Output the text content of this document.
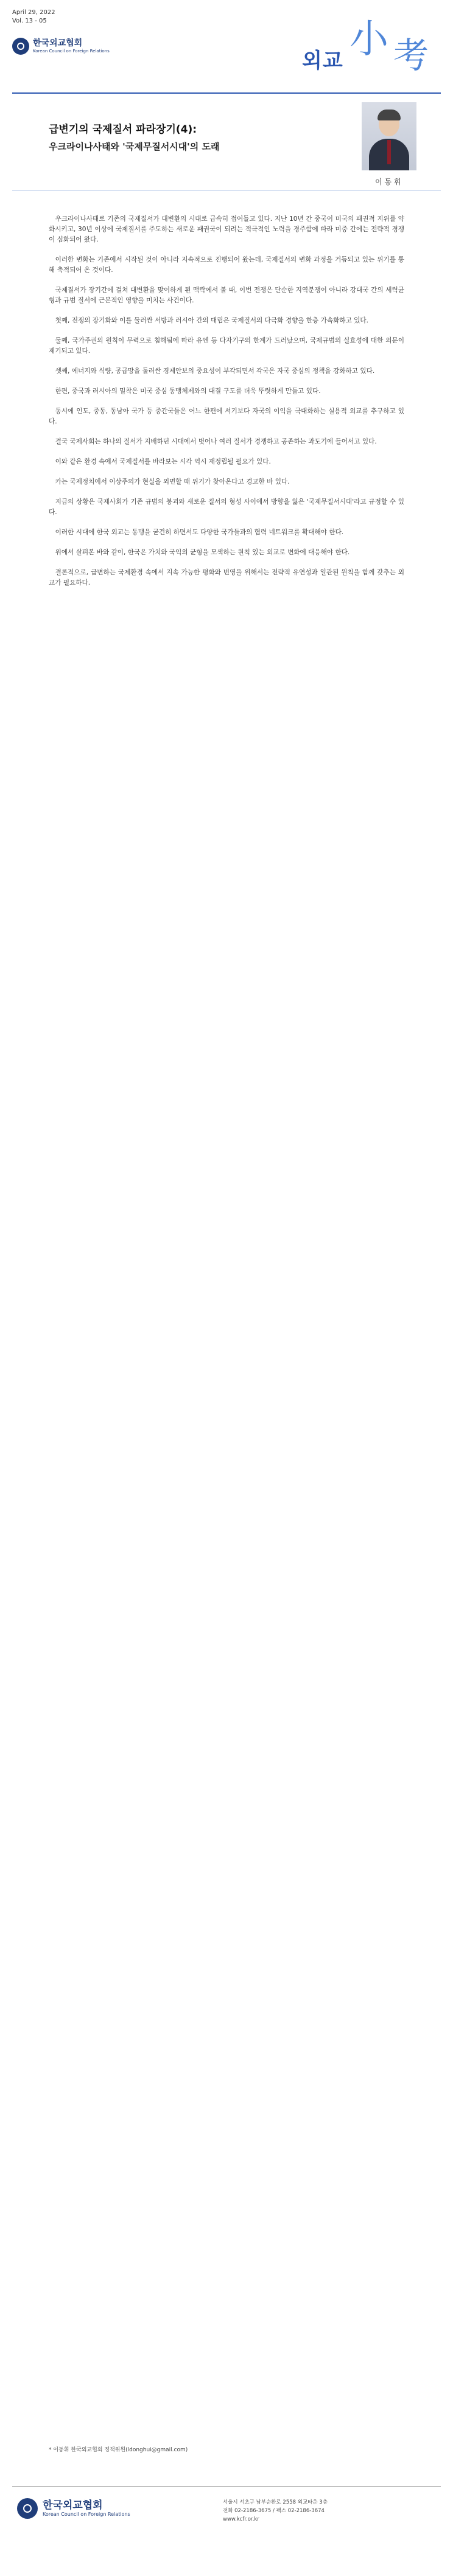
April 29, 2022
Vol. 13 - 05
한국외교협회
Korean Council on Foreign Relations	외교 小 考
급변기의 국제질서 파라장기(4):
우크라이나사태와 '국제무질서시대'의 도래
이 동 휘

우크라이나사태로 기존의 국제질서가 대변환의 시대로 급속히 접어들고 있다. 지난 10년 간 중국이 미국의 패권적 지위를 약화시키고, 30년 이상에 국제질서를 주도하는 새로운 패권국이 되려는 적극적인 노력을 경주함에 따라 미중 간에는 전략적 경쟁이 심화되어 왔다.

이러한 변화는 기존에서 시작된 것이 아니라 지속적으로 진행되어 왔는데, 국제질서의 변화 과정을 거듭되고 있는 위기를 통해 축적되어 온 것이다.

국제질서가 장기간에 걸쳐 대변환을 맞이하게 된 맥락에서 볼 때, 이번 전쟁은 단순한 지역분쟁이 아니라 강대국 간의 세력균형과 규범 질서에 근본적인 영향을 미치는 사건이다.

첫째, 전쟁의 장기화와 이를 둘러싼 서방과 러시아 간의 대립은 국제질서의 다극화 경향을 한층 가속화하고 있다.

둘째, 국가주권의 원칙이 무력으로 침해됨에 따라 유엔 등 다자기구의 한계가 드러났으며, 국제규범의 실효성에 대한 의문이 제기되고 있다.

셋째, 에너지와 식량, 공급망을 둘러싼 경제안보의 중요성이 부각되면서 각국은 자국 중심의 정책을 강화하고 있다.

한편, 중국과 러시아의 밀착은 미국 중심 동맹체제와의 대결 구도를 더욱 뚜렷하게 만들고 있다.

동시에 인도, 중동, 동남아 국가 등 중간국들은 어느 한편에 서기보다 자국의 이익을 극대화하는 실용적 외교를 추구하고 있다.

결국 국제사회는 하나의 질서가 지배하던 시대에서 벗어나 여러 질서가 경쟁하고 공존하는 과도기에 들어서고 있다.

이와 같은 환경 속에서 국제질서를 바라보는 시각 역시 재정립될 필요가 있다.

카는 국제정치에서 이상주의가 현실을 외면할 때 위기가 찾아온다고 경고한 바 있다.

지금의 상황은 국제사회가 기존 규범의 붕괴와 새로운 질서의 형성 사이에서 방향을 잃은 '국제무질서시대'라고 규정할 수 있다.

이러한 시대에 한국 외교는 동맹을 굳건히 하면서도 다양한 국가들과의 협력 네트워크를 확대해야 한다.

위에서 살펴본 바와 같이, 한국은 가치와 국익의 균형을 모색하는 원칙 있는 외교로 변화에 대응해야 한다.

결론적으로, 급변하는 국제환경 속에서 지속 가능한 평화와 번영을 위해서는 전략적 유연성과 일관된 원칙을 함께 갖추는 외교가 필요하다.

* 이동휘 한국외교협회 정책위원(ldonghui@gmail.com)
한국외교협회
Korean Council on Foreign Relations
서울시 서초구 남부순환로 2558 외교타운 3층
전화 02-2186-3675 / 팩스 02-2186-3674
www.kcfr.or.kr
